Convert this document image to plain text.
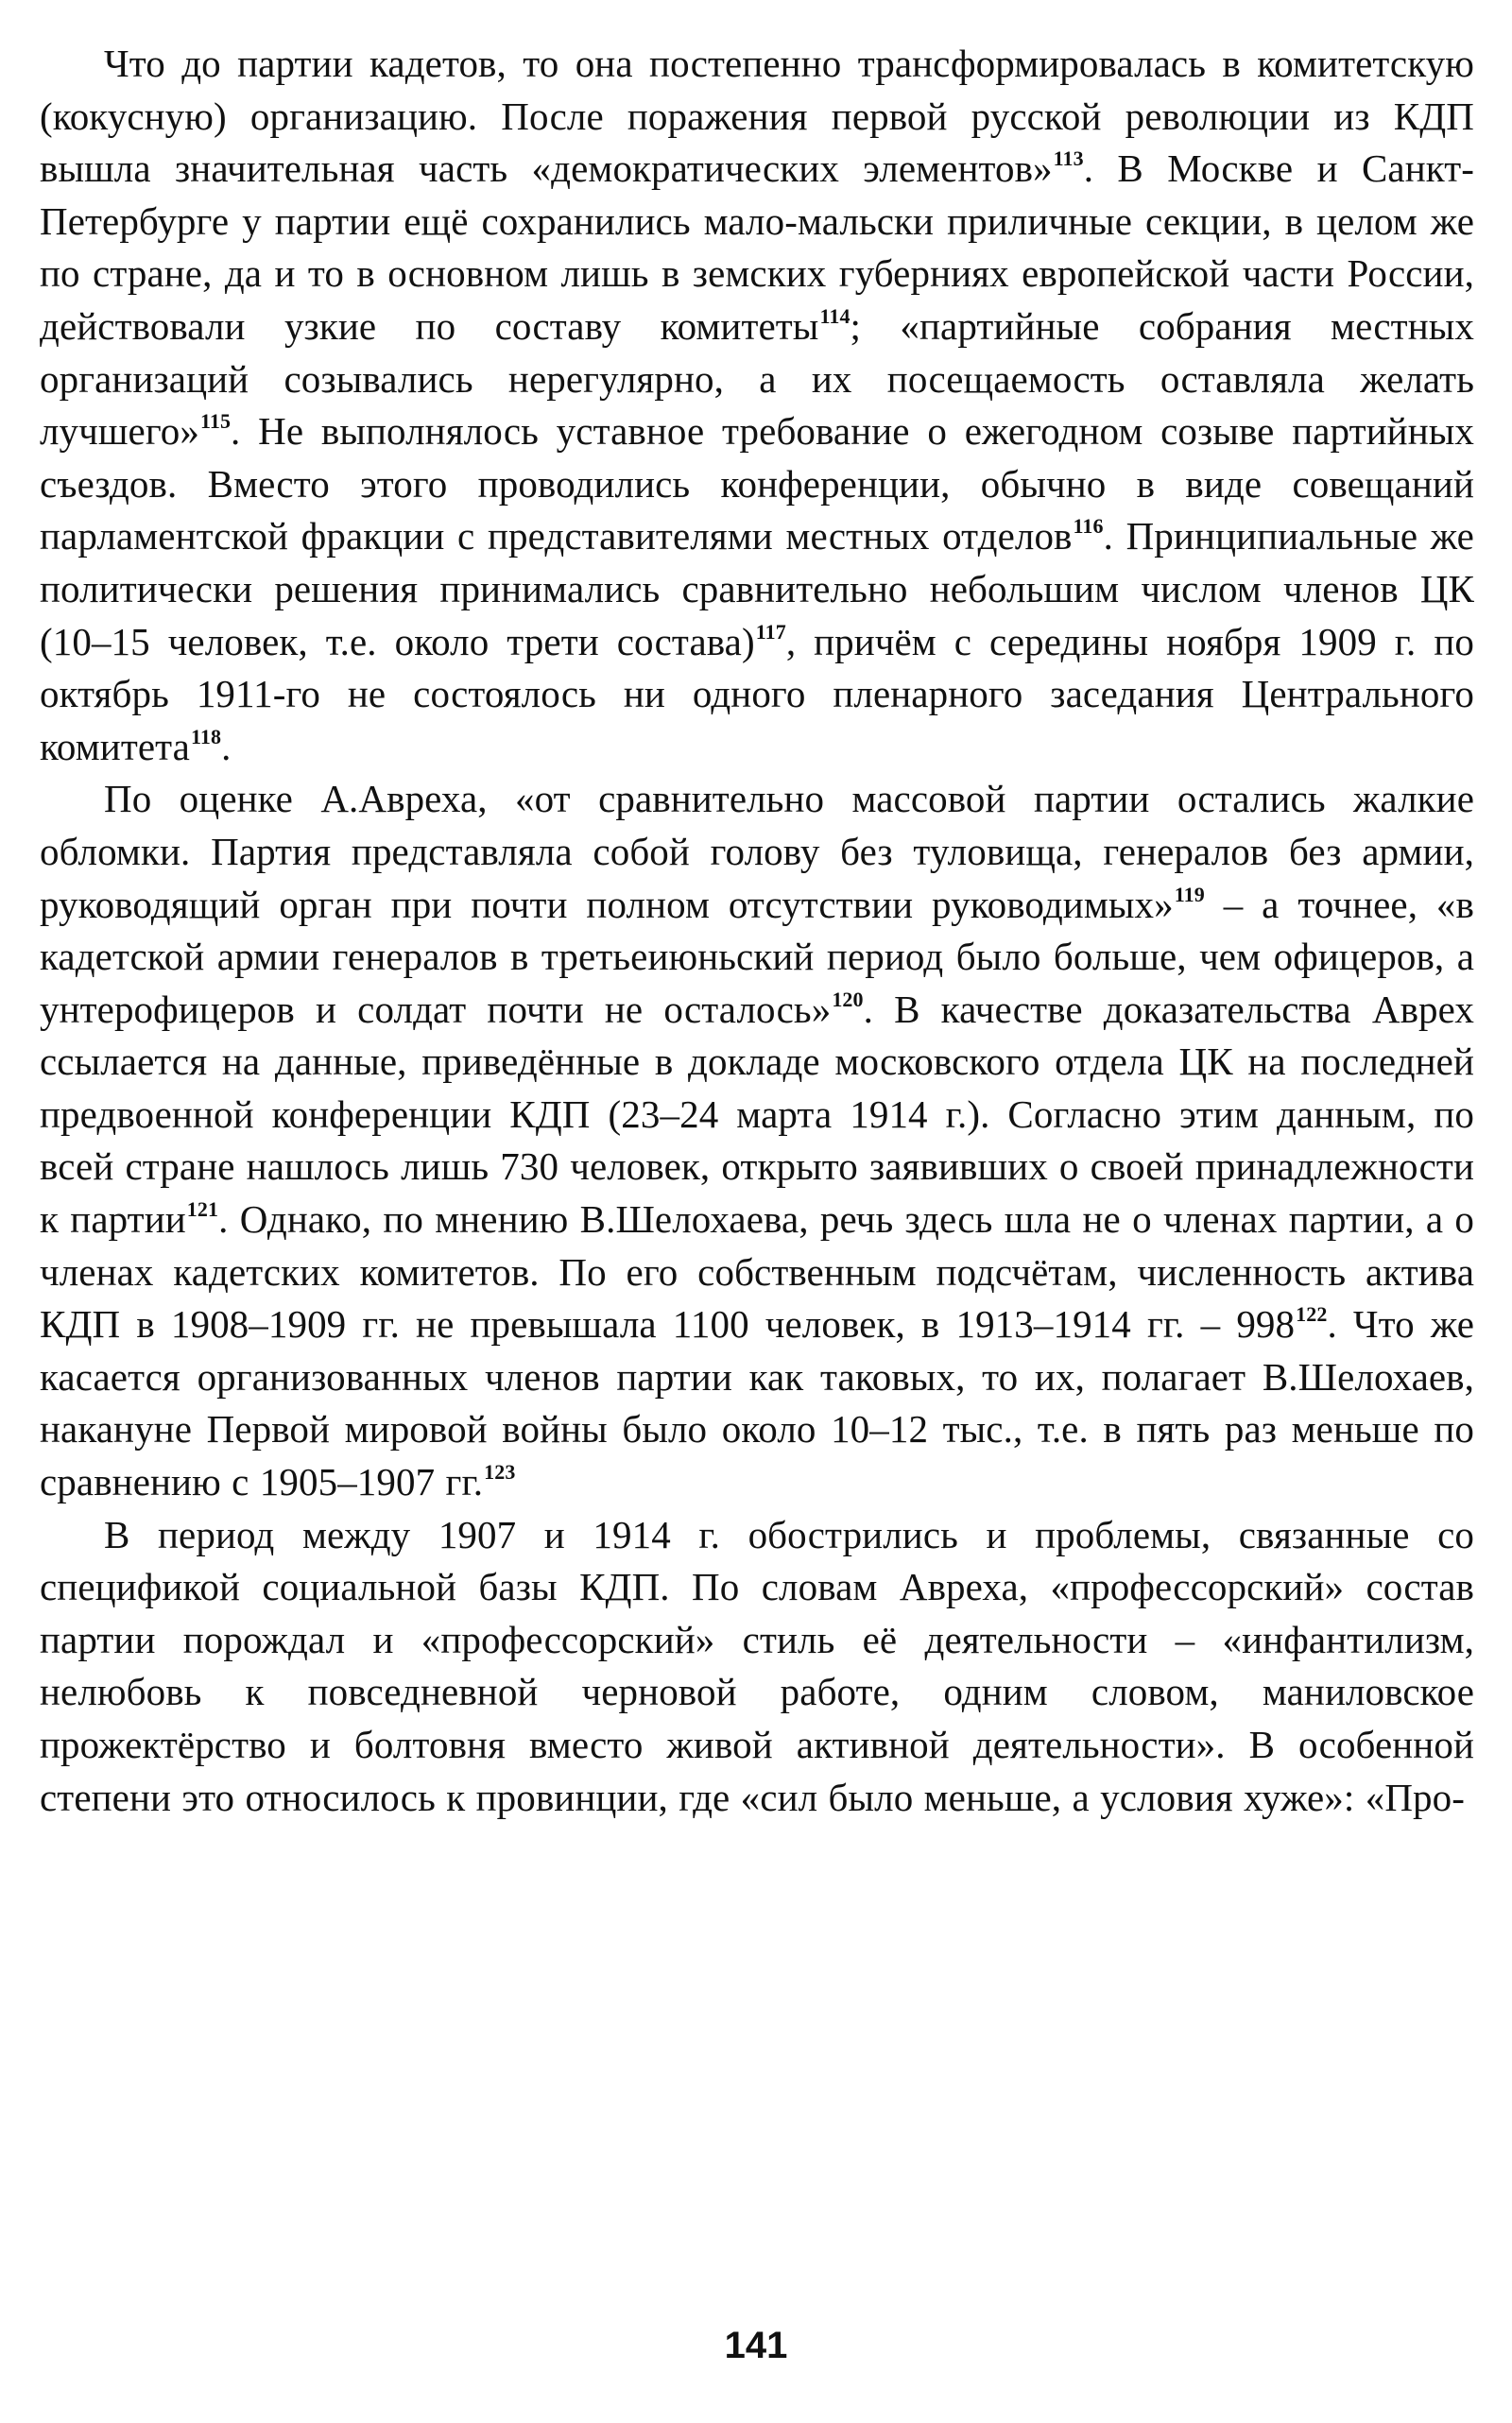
Что до партии кадетов, то она постепенно трансформировалась в комитетскую (кокусную) организацию. После поражения первой русской революции из КДП вышла значительная часть «демократических элементов»$^{113}$. В Москве и Санкт-Петербурге у партии ещё сохранились мало-мальски приличные секции, в целом же по стране, да и то в основном лишь в земских губерниях европейской части России, действовали узкие по составу комитеты$^{114}$; «партийные собрания местных организаций созывались нерегулярно, а их посещаемость оставляла желать лучшего»$^{115}$. Не выполнялось уставное требование о ежегодном созыве партийных съездов. Вместо этого проводились конференции, обычно в виде совещаний парламентской фракции с представителями местных отделов$^{116}$. Принципиальные же политически решения принимались сравнительно небольшим числом членов ЦК (10–15 человек, т.е. около трети состава)$^{117}$, причём с середины ноября 1909 г. по октябрь 1911-го не состоялось ни одного пленарного заседания Центрального комитета$^{118}$.

По оценке А.Авреха, «от сравнительно массовой партии остались жалкие обломки. Партия представляла собой голову без туловища, генералов без армии, руководящий орган при почти полном отсутствии руководимых»$^{119}$ – а точнее, «в кадетской армии генералов в третьеиюньский период было больше, чем офицеров, а унтерофицеров и солдат почти не осталось»$^{120}$. В качестве доказательства Аврех ссылается на данные, приведённые в докладе московского отдела ЦК на последней предвоенной конференции КДП (23–24 марта 1914 г.). Согласно этим данным, по всей стране нашлось лишь 730 человек, открыто заявивших о своей принадлежности к партии$^{121}$. Однако, по мнению В.Шелохаева, речь здесь шла не о членах партии, а о членах кадетских комитетов. По его собственным подсчётам, численность актива КДП в 1908–1909 гг. не превышала 1100 человек, в 1913–1914 гг. – 998$^{122}$. Что же касается организованных членов партии как таковых, то их, полагает В.Шелохаев, накануне Первой мировой войны было около 10–12 тыс., т.е. в пять раз меньше по сравнению с 1905–1907 гг.$^{123}$

В период между 1907 и 1914 г. обострились и проблемы, связанные со спецификой социальной базы КДП. По словам Авреха, «профессорский» состав партии порождал и «профессорский» стиль её деятельности – «инфантилизм, нелюбовь к повседневной черновой работе, одним словом, маниловское прожектёрство и болтовня вместо живой активной деятельности». В особенной степени это относилось к провинции, где «сил было меньше, а условия хуже»: «Про-

141
